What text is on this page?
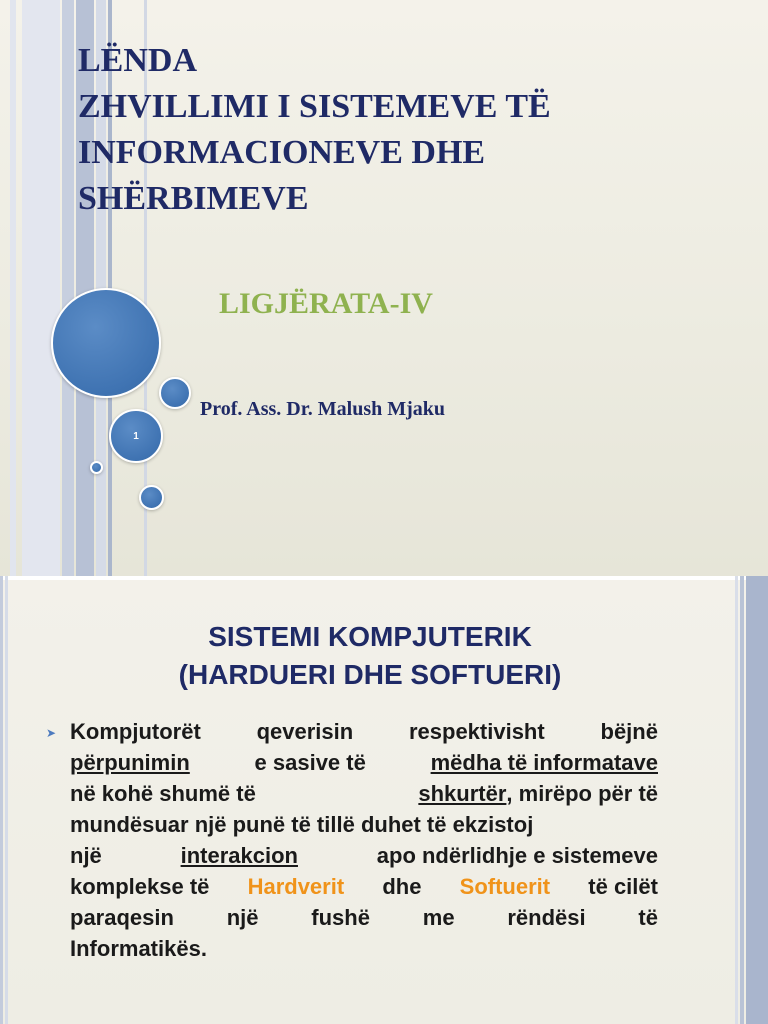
1
LËNDA
ZHVILLIMI I SISTEMEVE TË
INFORMACIONEVE DHE
SHËRBIMEVE
LIGJËRATA-IV
Prof. Ass. Dr. Malush Mjaku
SISTEMI KOMPJUTERIK
(HARDUERI DHE SOFTUERI)
➤ Kompjutorët	qeverisin	respektivisht	bëjnë
përpunimin	e sasive të	mëdha të informatave
në kohë shumë të	shkurtër, mirëpo për të
mundësuar një punë të tillë duhet të ekzistoj
një	interakcion	apo ndërlidhje e sistemeve
komplekse të Hardverit dhe Softuerit të cilët
paraqesin një fushë me rëndësi të
Informatikës.
